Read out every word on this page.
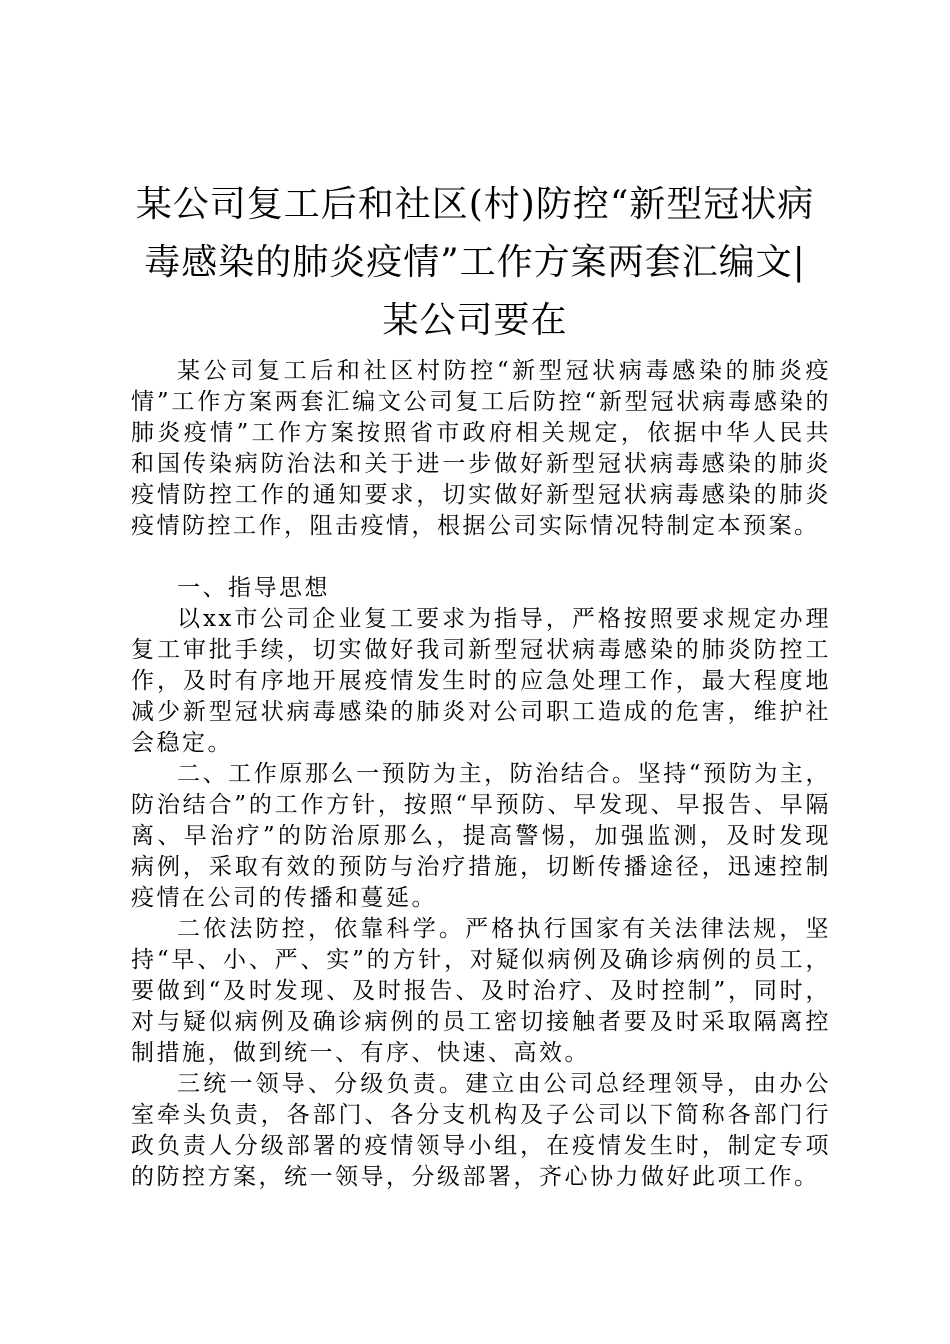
某公司复工后和社区(村)防控“新型冠状病毒感染的肺炎疫情”工作方案两套汇编文|某公司要在

某公司复工后和社区村防控“新型冠状病毒感染的肺炎疫情”工作方案两套汇编文公司复工后防控“新型冠状病毒感染的肺炎疫情”工作方案按照省市政府相关规定，依据中华人民共和国传染病防治法和关于进一步做好新型冠状病毒感染的肺炎疫情防控工作的通知要求，切实做好新型冠状病毒感染的肺炎疫情防控工作，阻击疫情，根据公司实际情况特制定本预案。

一、指导思想

以xx市公司企业复工要求为指导，严格按照要求规定办理复工审批手续，切实做好我司新型冠状病毒感染的肺炎防控工作，及时有序地开展疫情发生时的应急处理工作，最大程度地减少新型冠状病毒感染的肺炎对公司职工造成的危害，维护社会稳定。

二、工作原那么一预防为主，防治结合。坚持“预防为主，防治结合”的工作方针，按照“早预防、早发现、早报告、早隔离、早治疗”的防治原那么，提高警惕，加强监测，及时发现病例，采取有效的预防与治疗措施，切断传播途径，迅速控制疫情在公司的传播和蔓延。

二依法防控，依靠科学。严格执行国家有关法律法规，坚持“早、小、严、实”的方针，对疑似病例及确诊病例的员工，要做到“及时发现、及时报告、及时治疗、及时控制”，同时，对与疑似病例及确诊病例的员工密切接触者要及时采取隔离控制措施，做到统一、有序、快速、高效。

三统一领导、分级负责。建立由公司总经理领导，由办公室牵头负责，各部门、各分支机构及子公司以下简称各部门行政负责人分级部署的疫情领导小组，在疫情发生时，制定专项的防控方案，统一领导，分级部署，齐心协力做好此项工作。
